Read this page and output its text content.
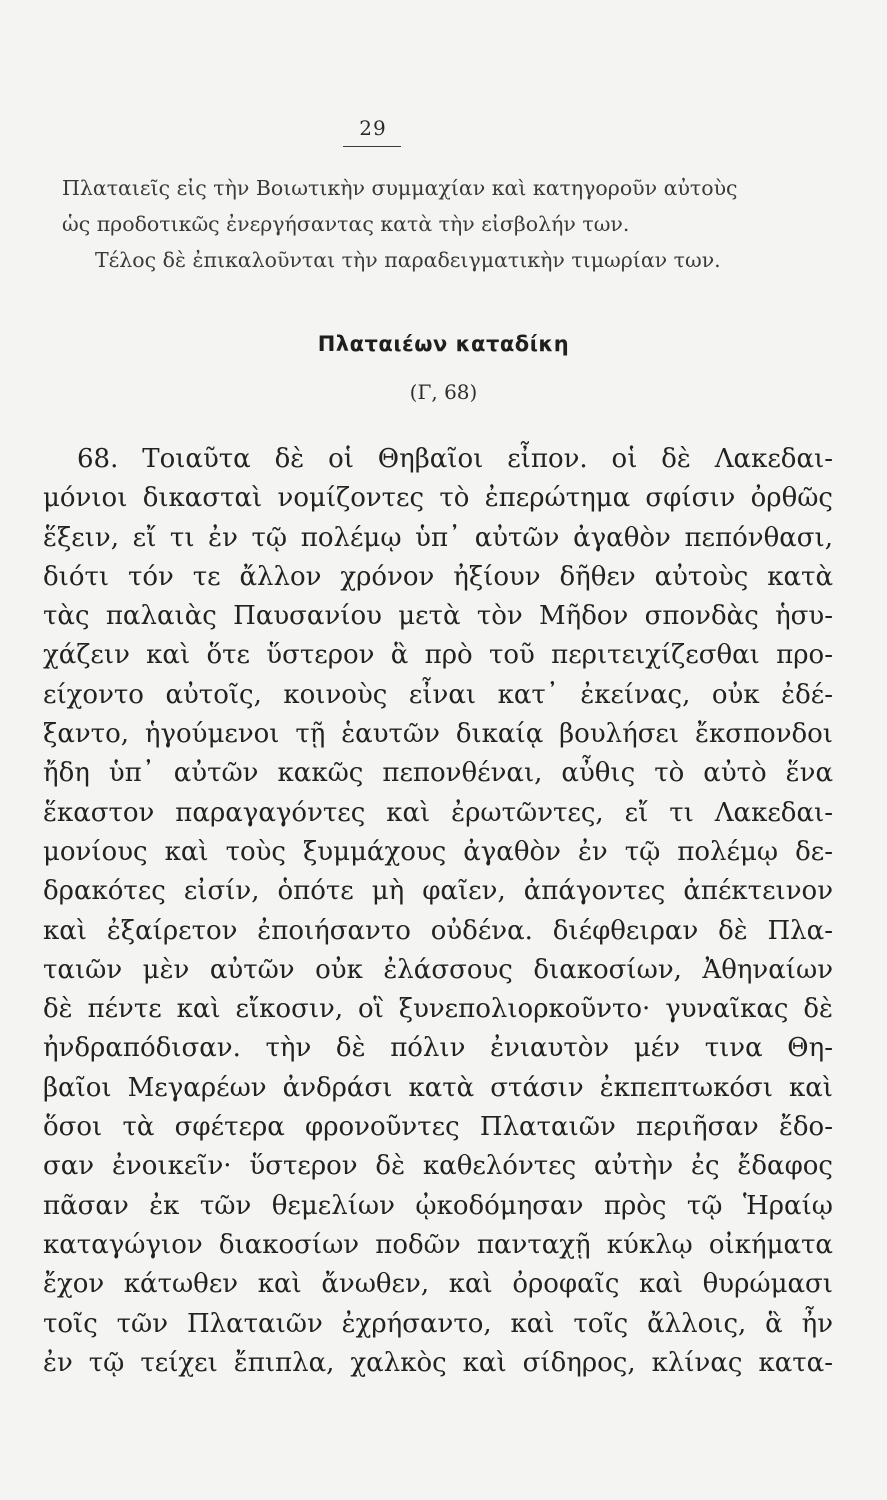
29
Πλαταιεῖς εἰς τὴν Βοιωτικὴν συμμαχίαν καὶ κατηγοροῦν αὐτοὺς
ὡς προδοτικῶς ἐνεργήσαντας κατὰ τὴν εἰσβολήν των.
Τέλος δὲ ἐπικαλοῦνται τὴν παραδειγματικὴν τιμωρίαν των.
Πλαταιέων καταδίκη
(Γ, 68)
68. Τοιαῦτα δὲ οἱ Θηβαῖοι εἶπον. οἱ δὲ Λακεδαι-
μόνιοι δικασταὶ νομίζοντες τὸ ἐπερώτημα σφίσιν ὀρθῶς
ἕξειν, εἴ τι ἐν τῷ πολέμῳ ὑπ᾽ αὐτῶν ἀγαθὸν πεπόνθασι,
διότι τόν τε ἄλλον χρόνον ἠξίουν δῆθεν αὐτοὺς κατὰ
τὰς παλαιὰς Παυσανίου μετὰ τὸν Μῆδον σπονδὰς ἡσυ-
χάζειν καὶ ὅτε ὕστερον ἃ πρὸ τοῦ περιτειχίζεσθαι προ-
είχοντο αὐτοῖς, κοινοὺς εἶναι κατ᾽ ἐκείνας, οὐκ ἐδέ-
ξαντο, ἡγούμενοι τῇ ἑαυτῶν δικαίᾳ βουλήσει ἔκσπονδοι
ἤδη ὑπ᾽ αὐτῶν κακῶς πεπονθέναι, αὖθις τὸ αὐτὸ ἕνα
ἕκαστον παραγαγόντες καὶ ἐρωτῶντες, εἴ τι Λακεδαι-
μονίους καὶ τοὺς ξυμμάχους ἀγαθὸν ἐν τῷ πολέμῳ δε-
δρακότες εἰσίν, ὁπότε μὴ φαῖεν, ἀπάγοντες ἀπέκτεινον
καὶ ἐξαίρετον ἐποιήσαντο οὐδένα. διέφθειραν δὲ Πλα-
ταιῶν μὲν αὐτῶν οὐκ ἐλάσσους διακοσίων, Ἀθηναίων
δὲ πέντε καὶ εἴκοσιν, οἳ ξυνεπολιορκοῦντο· γυναῖκας δὲ
ἠνδραπόδισαν. τὴν δὲ πόλιν ἐνιαυτὸν μέν τινα Θη-
βαῖοι Μεγαρέων ἀνδράσι κατὰ στάσιν ἐκπεπτωκόσι καὶ
ὅσοι τὰ σφέτερα φρονοῦντες Πλαταιῶν περιῆσαν ἔδο-
σαν ἐνοικεῖν· ὕστερον δὲ καθελόντες αὐτὴν ἐς ἔδαφος
πᾶσαν ἐκ τῶν θεμελίων ᾠκοδόμησαν πρὸς τῷ Ἡραίῳ
καταγώγιον διακοσίων ποδῶν πανταχῇ κύκλῳ οἰκήματα
ἔχον κάτωθεν καὶ ἄνωθεν, καὶ ὀροφαῖς καὶ θυρώμασι
τοῖς τῶν Πλαταιῶν ἐχρήσαντο, καὶ τοῖς ἄλλοις, ἃ ἦν
ἐν τῷ τείχει ἔπιπλα, χαλκὸς καὶ σίδηρος, κλίνας κατα-
